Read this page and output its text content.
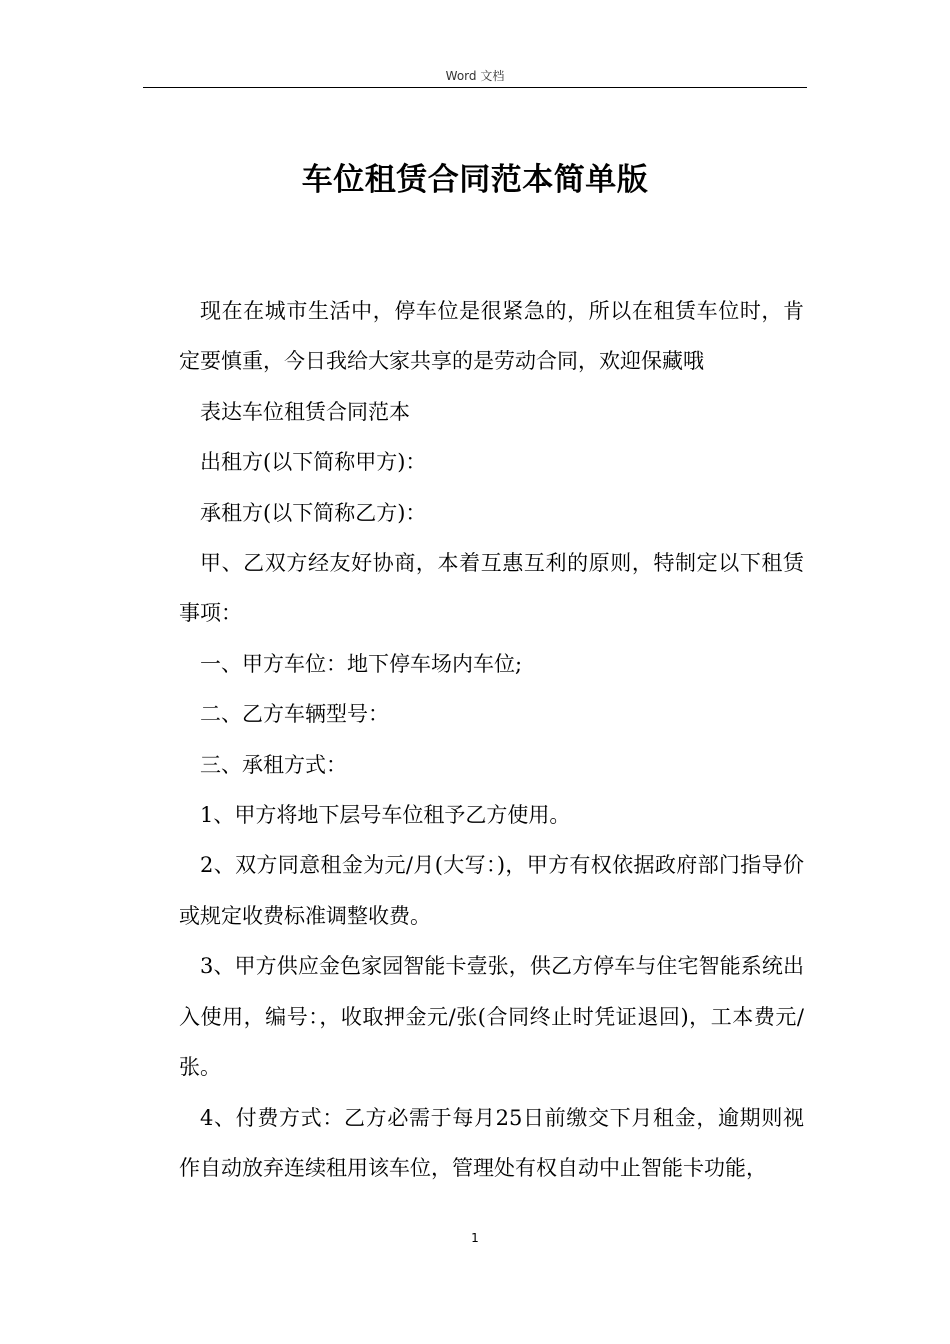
Word 文档
车位租赁合同范本简单版

现在在城市生活中，停车位是很紧急的，所以在租赁车位时，肯定要慎重，今日我给大家共享的是劳动合同，欢迎保藏哦

表达车位租赁合同范本

出租方(以下简称甲方)：

承租方(以下简称乙方)：

甲、乙双方经友好协商，本着互惠互利的原则，特制定以下租赁事项：

一、甲方车位：地下停车场内车位;

二、乙方车辆型号：

三、承租方式：

1、甲方将地下层号车位租予乙方使用。

2、双方同意租金为元/月(大写：)，甲方有权依据政府部门指导价或规定收费标准调整收费。

3、甲方供应金色家园智能卡壹张，供乙方停车与住宅智能系统出入使用，编号：，收取押金元/张(合同终止时凭证退回)，工本费元/张。

4、付费方式：乙方必需于每月25日前缴交下月租金，逾期则视作自动放弃连续租用该车位，管理处有权自动中止智能卡功能，

1
